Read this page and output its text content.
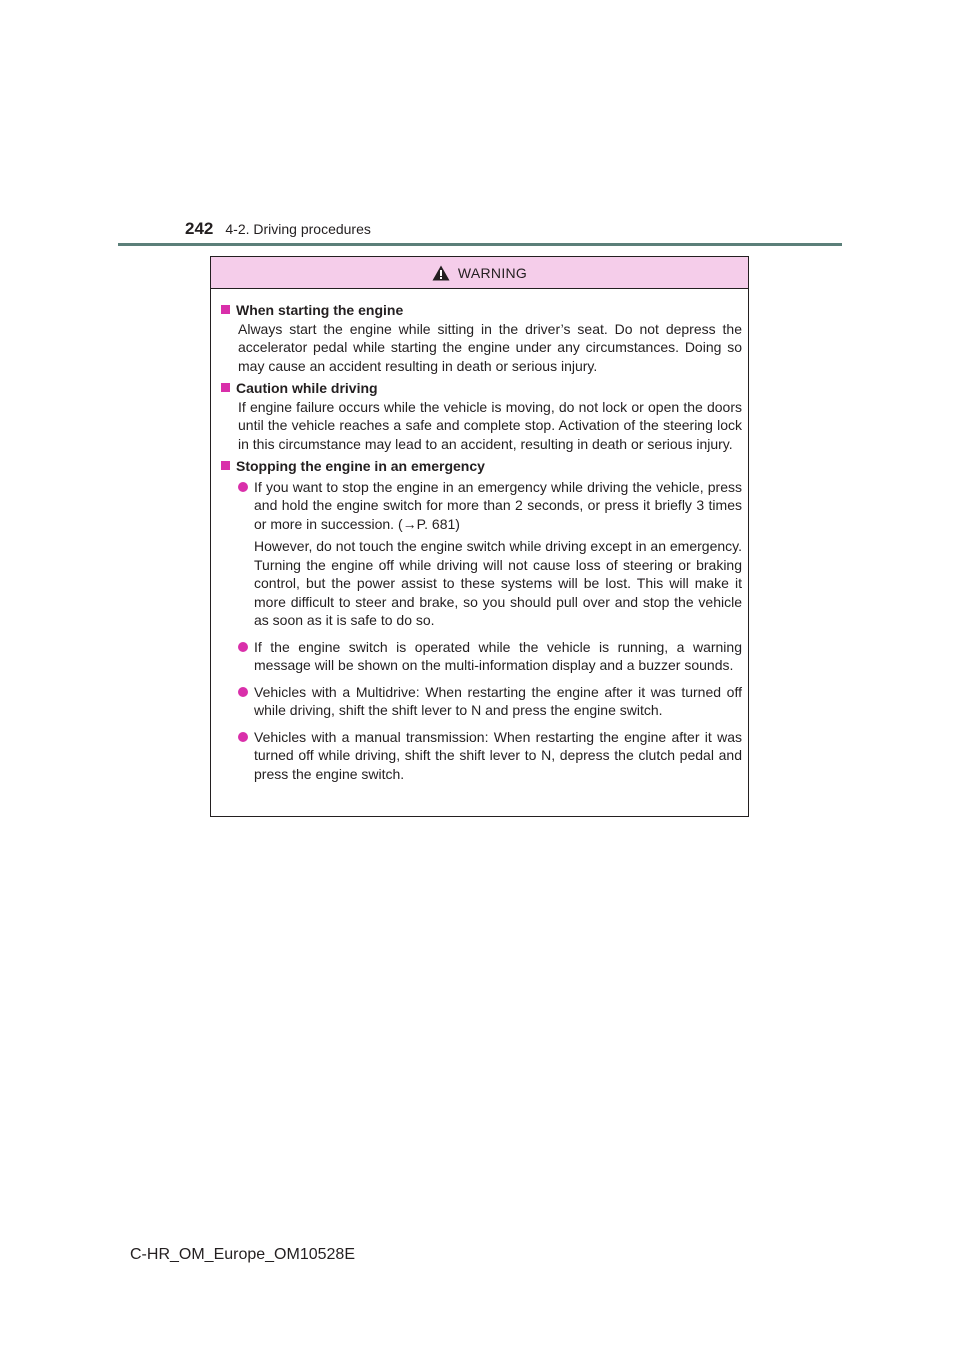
242 4-2. Driving procedures
WARNING
When starting the engine
Always start the engine while sitting in the driver’s seat. Do not depress the accelerator pedal while starting the engine under any circumstances. Doing so may cause an accident resulting in death or serious injury.
Caution while driving
If engine failure occurs while the vehicle is moving, do not lock or open the doors until the vehicle reaches a safe and complete stop. Activation of the steering lock in this circumstance may lead to an accident, resulting in death or serious injury.
Stopping the engine in an emergency

If you want to stop the engine in an emergency while driving the vehicle, press and hold the engine switch for more than 2 seconds, or press it briefly 3 times or more in succession. (→P. 681)

However, do not touch the engine switch while driving except in an emergency. Turning the engine off while driving will not cause loss of steering or braking control, but the power assist to these systems will be lost. This will make it more difficult to steer and brake, so you should pull over and stop the vehicle as soon as it is safe to do so.

If the engine switch is operated while the vehicle is running, a warning message will be shown on the multi-information display and a buzzer sounds.

Vehicles with a Multidrive: When restarting the engine after it was turned off while driving, shift the shift lever to N and press the engine switch.

Vehicles with a manual transmission: When restarting the engine after it was turned off while driving, shift the shift lever to N, depress the clutch pedal and press the engine switch.

C-HR_OM_Europe_OM10528E
